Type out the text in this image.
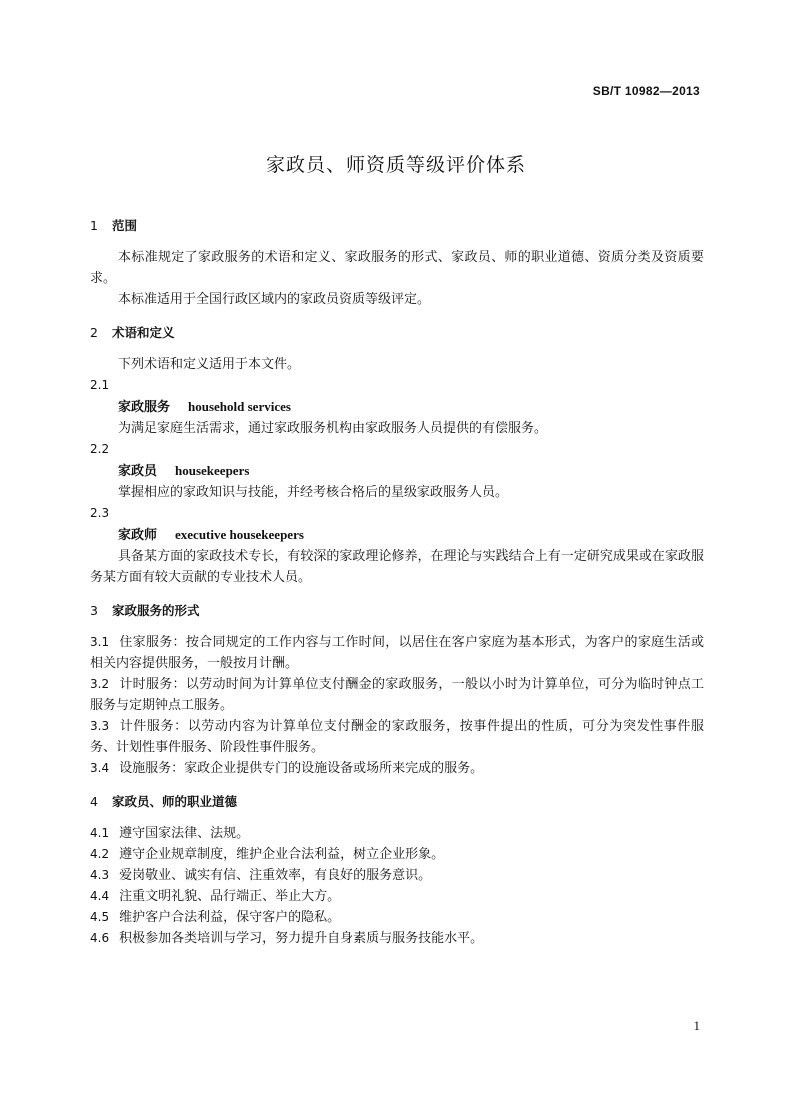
SB/T 10982—2013
家政员、师资质等级评价体系
1 范围
本标准规定了家政服务的术语和定义、家政服务的形式、家政员、师的职业道德、资质分类及资质要求。
本标准适用于全国行政区域内的家政员资质等级评定。
2 术语和定义
下列术语和定义适用于本文件。
2.1
家政服务 household services
为满足家庭生活需求，通过家政服务机构由家政服务人员提供的有偿服务。
2.2
家政员 housekeepers
掌握相应的家政知识与技能，并经考核合格后的星级家政服务人员。
2.3
家政师 executive housekeepers
具备某方面的家政技术专长，有较深的家政理论修养，在理论与实践结合上有一定研究成果或在家政服务某方面有较大贡献的专业技术人员。
3 家政服务的形式
3.1 住家服务：按合同规定的工作内容与工作时间，以居住在客户家庭为基本形式，为客户的家庭生活或相关内容提供服务，一般按月计酬。
3.2 计时服务：以劳动时间为计算单位支付酬金的家政服务，一般以小时为计算单位，可分为临时钟点工服务与定期钟点工服务。
3.3 计件服务：以劳动内容为计算单位支付酬金的家政服务，按事件提出的性质，可分为突发性事件服务、计划性事件服务、阶段性事件服务。
3.4 设施服务：家政企业提供专门的设施设备或场所来完成的服务。
4 家政员、师的职业道德
4.1 遵守国家法律、法规。
4.2 遵守企业规章制度，维护企业合法利益，树立企业形象。
4.3 爱岗敬业、诚实有信、注重效率，有良好的服务意识。
4.4 注重文明礼貌、品行端正、举止大方。
4.5 维护客户合法利益，保守客户的隐私。
4.6 积极参加各类培训与学习，努力提升自身素质与服务技能水平。
1
